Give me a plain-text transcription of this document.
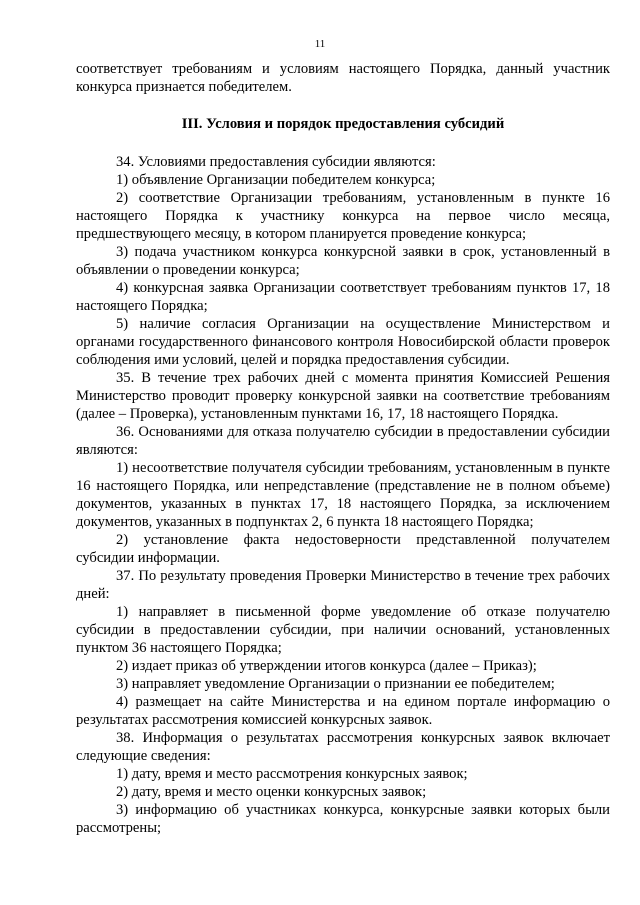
11

соответствует требованиям и условиям настоящего Порядка, данный участник конкурса признается победителем.

III. Условия и порядок предоставления субсидий

34. Условиями предоставления субсидии являются:

1) объявление Организации победителем конкурса;

2) соответствие Организации требованиям, установленным в пункте 16 настоящего Порядка к участнику конкурса на первое число месяца, предшествующего месяцу, в котором планируется проведение конкурса;

3) подача участником конкурса конкурсной заявки в срок, установленный в объявлении о проведении конкурса;

4) конкурсная заявка Организации соответствует требованиям пунктов 17, 18 настоящего Порядка;

5) наличие согласия Организации на осуществление Министерством и органами государственного финансового контроля Новосибирской области проверок соблюдения ими условий, целей и порядка предоставления субсидии.

35. В течение трех рабочих дней с момента принятия Комиссией Решения Министерство проводит проверку конкурсной заявки на соответствие требованиям (далее – Проверка), установленным пунктами 16, 17, 18 настоящего Порядка.

36. Основаниями для отказа получателю субсидии в предоставлении субсидии являются:

1) несоответствие получателя субсидии требованиям, установленным в пункте 16 настоящего Порядка, или непредставление (представление не в полном объеме) документов, указанных в пунктах 17, 18 настоящего Порядка, за исключением документов, указанных в подпунктах 2, 6 пункта 18 настоящего Порядка;

2) установление факта недостоверности представленной получателем субсидии информации.

37. По результату проведения Проверки Министерство в течение трех рабочих дней:

1) направляет в письменной форме уведомление об отказе получателю субсидии в предоставлении субсидии, при наличии оснований, установленных пунктом 36 настоящего Порядка;

2) издает приказ об утверждении итогов конкурса (далее – Приказ);

3) направляет уведомление Организации о признании ее победителем;

4) размещает на сайте Министерства и на едином портале информацию о результатах рассмотрения комиссией конкурсных заявок.

38. Информация о результатах рассмотрения конкурсных заявок включает следующие сведения:

1) дату, время и место рассмотрения конкурсных заявок;

2) дату, время и место оценки конкурсных заявок;

3) информацию об участниках конкурса, конкурсные заявки которых были рассмотрены;
